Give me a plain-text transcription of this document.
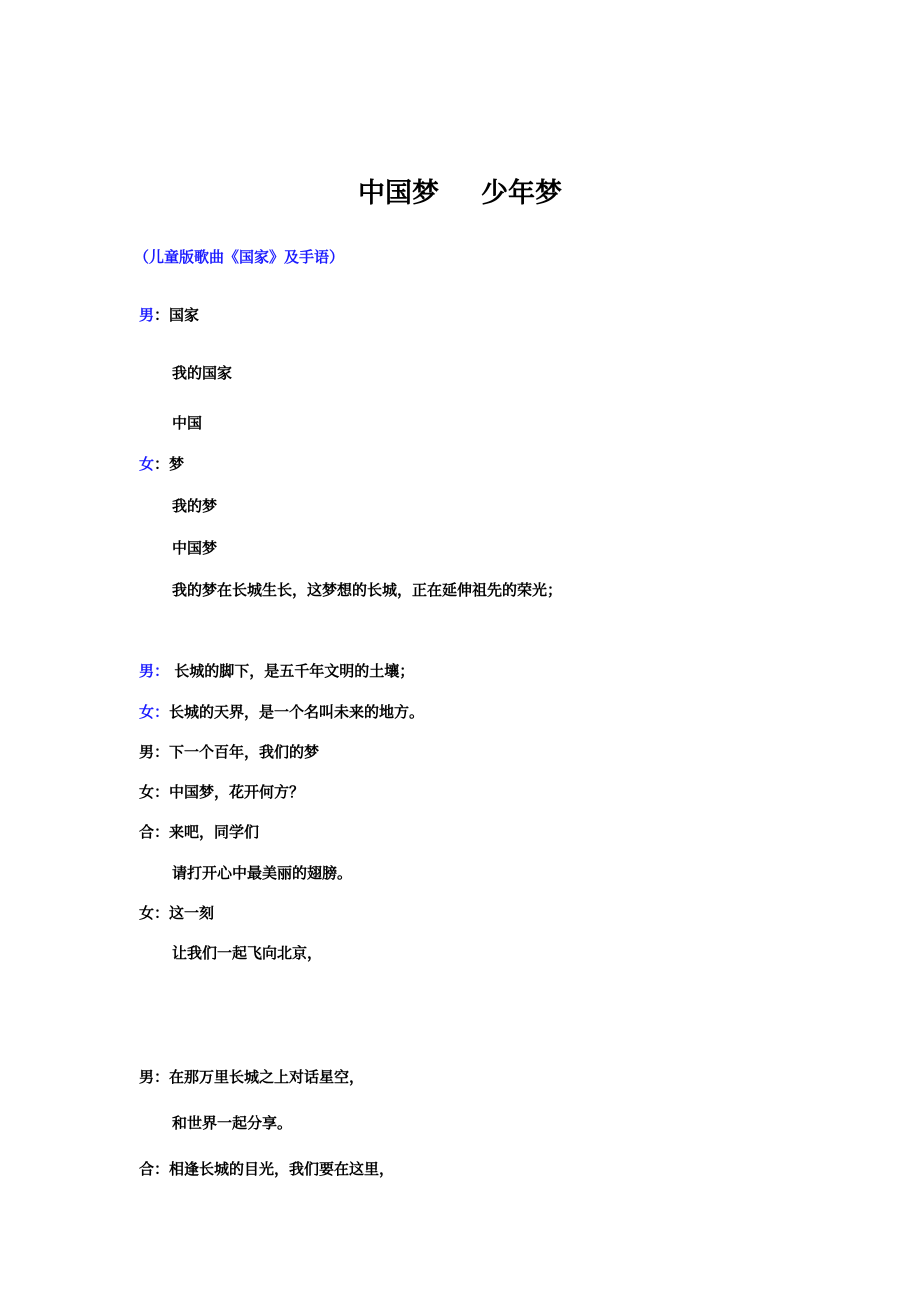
中国梦 少年梦
（儿童版歌曲《国家》及手语）
男：国家
我的国家
中国
女：梦
我的梦
中国梦
我的梦在长城生长，这梦想的长城，正在延伸祖先的荣光；
男： 长城的脚下，是五千年文明的土壤；
女：长城的天界，是一个名叫未来的地方。
男：下一个百年，我们的梦
女：中国梦，花开何方？
合：来吧，同学们
请打开心中最美丽的翅膀。
女：这一刻
让我们一起飞向北京，
男：在那万里长城之上对话星空，
和世界一起分享。
合：相逢长城的目光，我们要在这里，
